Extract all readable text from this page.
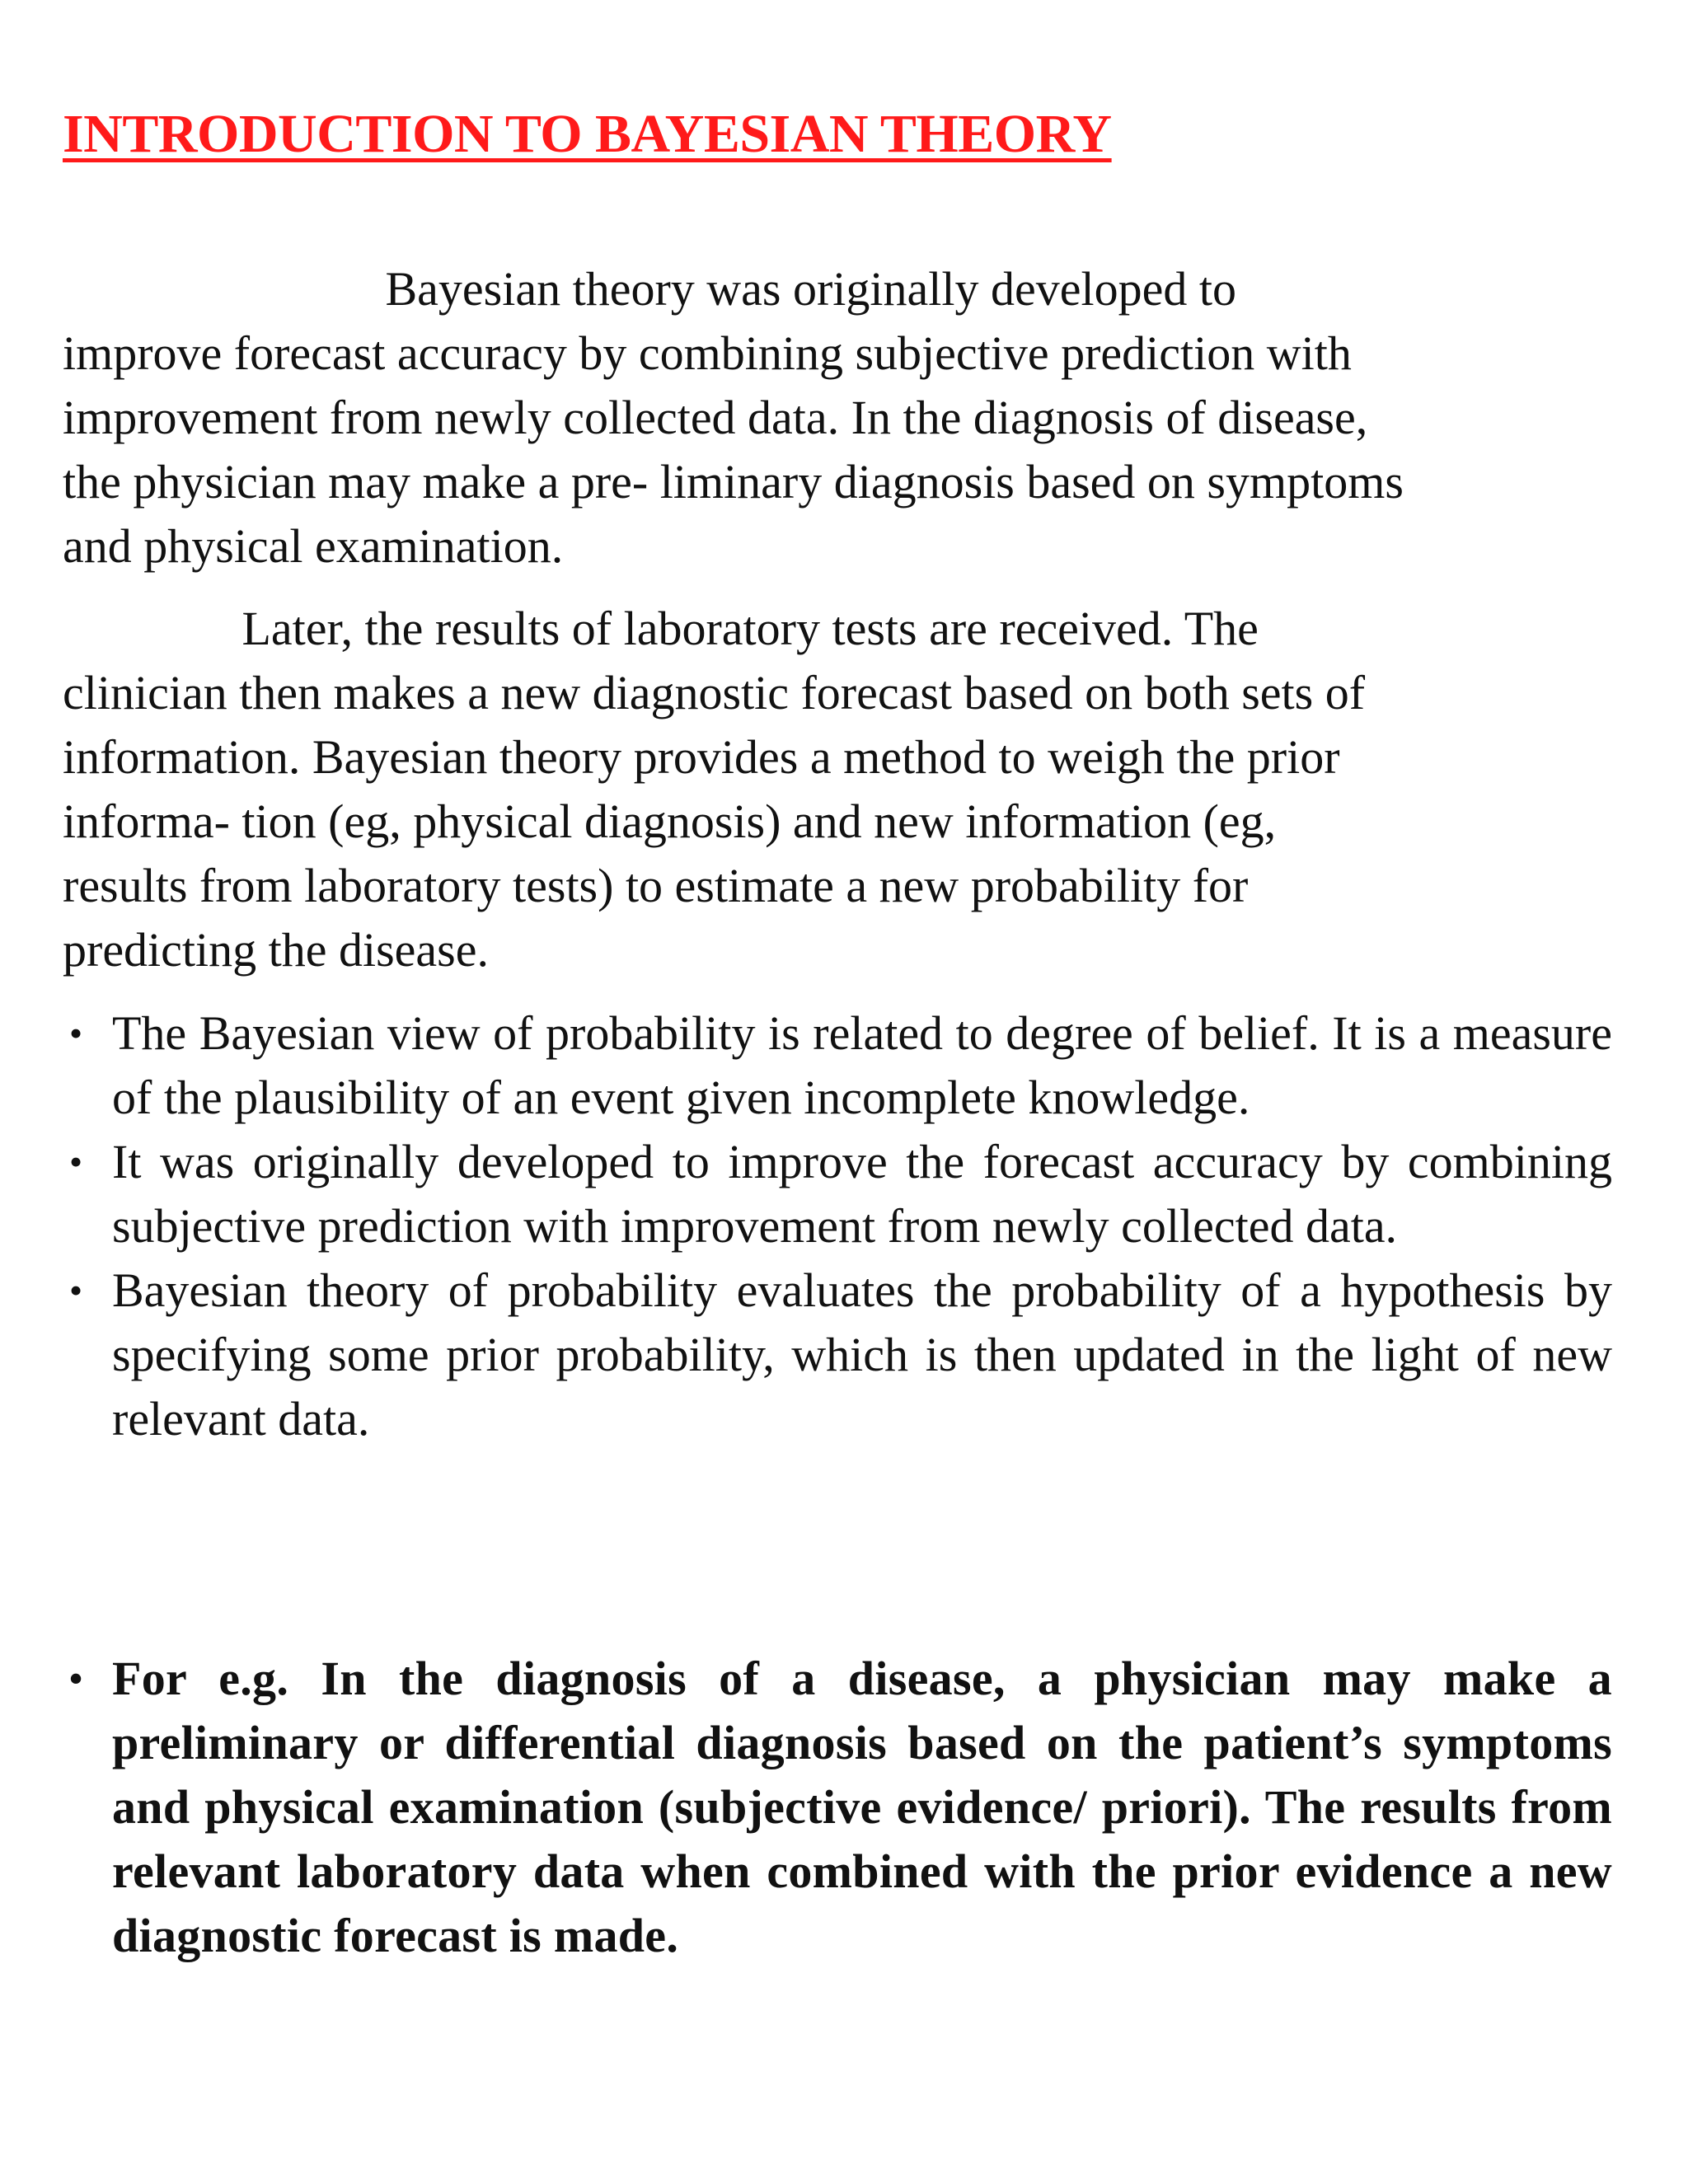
INTRODUCTION TO BAYESIAN THEORY

Bayesian theory was originally developed to
improve forecast accuracy by combining subjective prediction with
improvement from newly collected data. In the diagnosis of disease,
the physician may make a pre- liminary diagnosis based on symptoms
and physical examination.

Later, the results of laboratory tests are received. The
clinician then makes a new diagnostic forecast based on both sets of
information. Bayesian theory provides a method to weigh the prior
informa- tion (eg, physical diagnosis) and new information (eg,
results from laboratory tests) to estimate a new probability for
predicting the disease.

• The Bayesian view of probability is related to degree of belief. It is a measure of the plausibility of an event given incomplete knowledge.
• It was originally developed to improve the forecast accuracy by combining subjective prediction with improvement from newly collected data.
• Bayesian theory of probability evaluates the probability of a hypothesis by specifying some prior probability, which is then updated in the light of new relevant data.
• For e.g. In the diagnosis of a disease, a physician may make a preliminary or differential diagnosis based on the patient’s symptoms and physical examination (subjective evidence/ priori). The results from relevant laboratory data when combined with the prior evidence a new diagnostic forecast is made.
